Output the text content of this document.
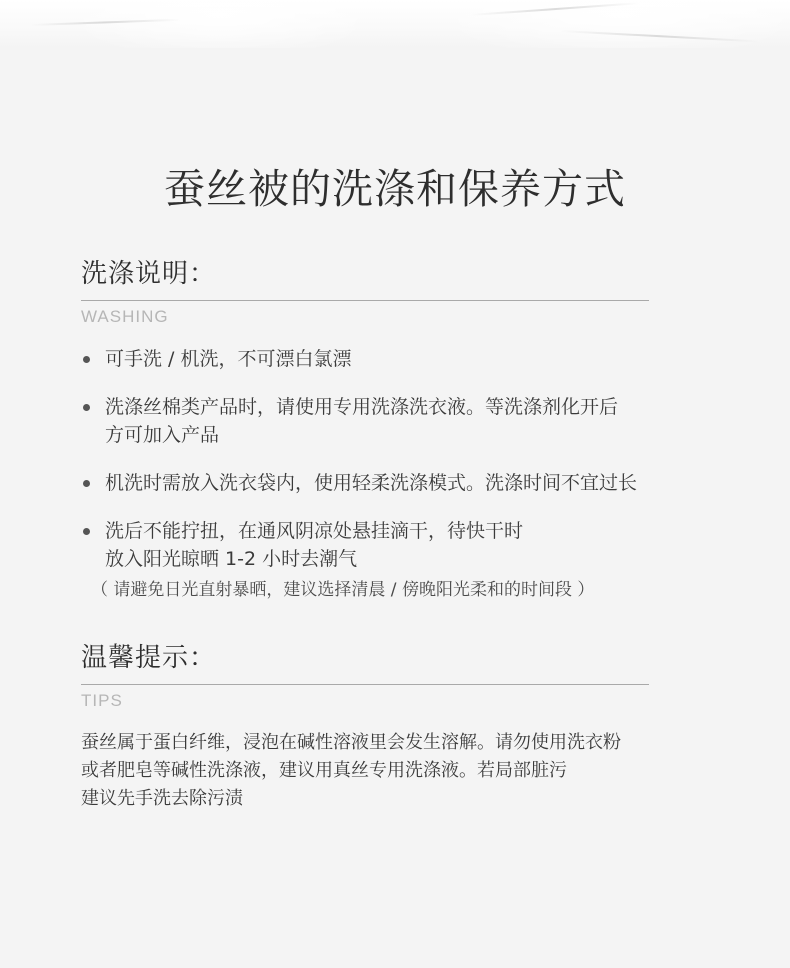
蚕丝被的洗涤和保养方式
洗涤说明：
WASHING
可手洗 / 机洗，不可漂白氯漂
洗涤丝棉类产品时，请使用专用洗涤洗衣液。等洗涤剂化开后
方可加入产品
机洗时需放入洗衣袋内，使用轻柔洗涤模式。洗涤时间不宜过长
洗后不能拧扭，在通风阴凉处悬挂滴干，待快干时
放入阳光晾晒 1-2 小时去潮气
（ 请避免日光直射暴晒，建议选择清晨 / 傍晚阳光柔和的时间段 ）
温馨提示：
TIPS
蚕丝属于蛋白纤维，浸泡在碱性溶液里会发生溶解。请勿使用洗衣粉
或者肥皂等碱性洗涤液，建议用真丝专用洗涤液。若局部脏污
建议先手洗去除污渍
